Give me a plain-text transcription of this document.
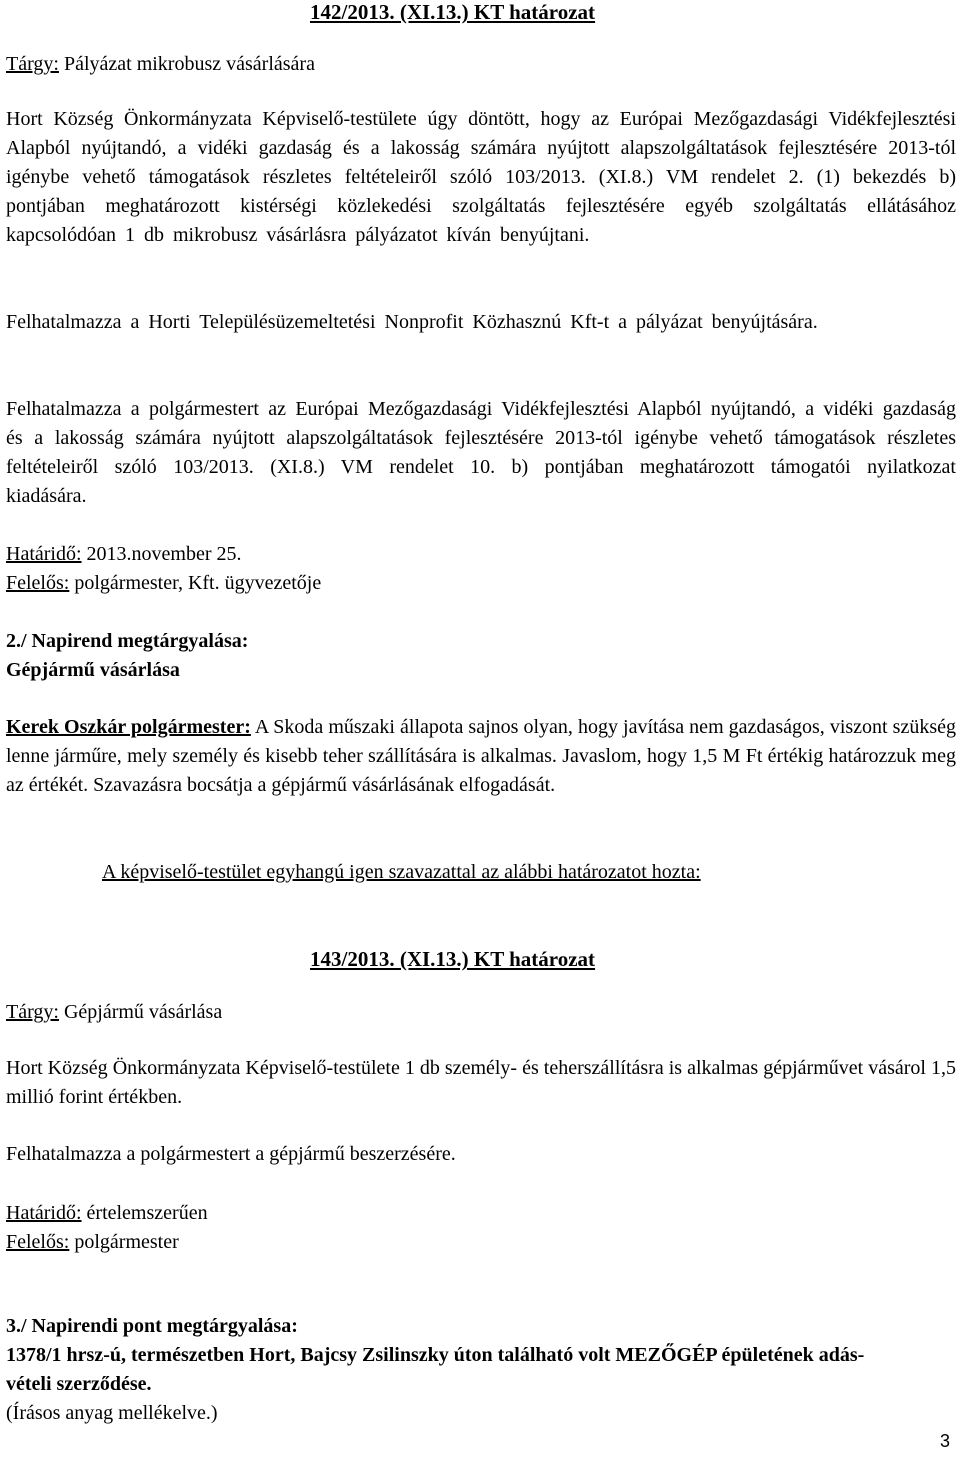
142/2013. (XI.13.) KT határozat
Tárgy: Pályázat mikrobusz vásárlására
Hort Község Önkormányzata Képviselő-testülete úgy döntött, hogy az Európai Mezőgazdasági Vidékfejlesztési Alapból nyújtandó, a vidéki gazdaság és a lakosság számára nyújtott alapszolgáltatások fejlesztésére 2013-tól igénybe vehető támogatások részletes feltételeiről szóló 103/2013. (XI.8.) VM rendelet 2. (1) bekezdés b) pontjában meghatározott kistérségi közlekedési szolgáltatás fejlesztésére egyéb szolgáltatás ellátásához kapcsolódóan 1 db mikrobusz vásárlásra pályázatot kíván benyújtani.
Felhatalmazza a Horti Településüzemeltetési Nonprofit Közhasznú Kft-t a pályázat benyújtására.
Felhatalmazza a polgármestert az Európai Mezőgazdasági Vidékfejlesztési Alapból nyújtandó, a vidéki gazdaság és a lakosság számára nyújtott alapszolgáltatások fejlesztésére 2013-tól igénybe vehető támogatások részletes feltételeiről szóló 103/2013. (XI.8.) VM rendelet 10. b) pontjában meghatározott támogatói nyilatkozat kiadására.
Határidő: 2013.november 25.
Felelős: polgármester, Kft. ügyvezetője
2./ Napirend megtárgyalása:
Gépjármű vásárlása
Kerek Oszkár polgármester: A Skoda műszaki állapota sajnos olyan, hogy javítása nem gazdaságos, viszont szükség lenne járműre, mely személy és kisebb teher szállítására is alkalmas. Javaslom, hogy 1,5 M Ft értékig határozzuk meg az értékét. Szavazásra bocsátja a gépjármű vásárlásának elfogadását.
A képviselő-testület egyhangú igen szavazattal az alábbi határozatot hozta:
143/2013. (XI.13.) KT határozat
Tárgy: Gépjármű vásárlása
Hort Község Önkormányzata Képviselő-testülete 1 db személy- és teherszállításra is alkalmas gépjárművet vásárol 1,5 millió forint értékben.
Felhatalmazza a polgármestert a gépjármű beszerzésére.
Határidő: értelemszerűen
Felelős: polgármester
3./ Napirendi pont megtárgyalása:
1378/1 hrsz-ú, természetben Hort, Bajcsy Zsilinszky úton található volt MEZŐGÉP épületének adás-vételi szerződése.
(Írásos anyag mellékelve.)
3
